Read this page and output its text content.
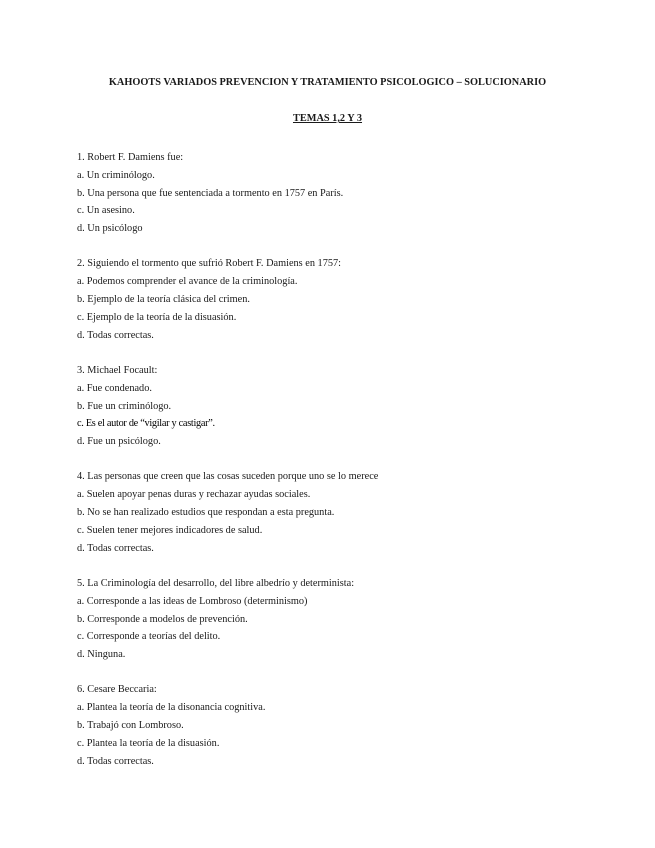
KAHOOTS VARIADOS PREVENCION Y TRATAMIENTO PSICOLOGICO – SOLUCIONARIO
TEMAS 1,2 Y 3
1. Robert F. Damiens fue:
a. Un criminólogo.
b. Una persona que fue sentenciada a tormento en 1757 en París.
c. Un asesino.
d. Un psicólogo
2. Siguiendo el tormento que sufrió Robert F. Damiens en 1757:
a. Podemos comprender el avance de la criminología.
b. Ejemplo de la teoría clásica del crimen.
c. Ejemplo de la teoría de la disuasión.
d. Todas correctas.
3. Michael Focault:
a. Fue condenado.
b. Fue un criminólogo.
c. Es el autor de “vigilar y castigar”.
d. Fue un psicólogo.
4. Las personas que creen que las cosas suceden porque uno se lo merece
a. Suelen apoyar penas duras y rechazar ayudas sociales.
b. No se han realizado estudios que respondan a esta pregunta.
c. Suelen tener mejores indicadores de salud.
d. Todas correctas.
5. La Criminología del desarrollo, del libre albedrío y determinista:
a. Corresponde a las ideas de Lombroso (determinismo)
b. Corresponde a modelos de prevención.
c. Corresponde a teorías del delito.
d. Ninguna.
6. Cesare Beccaria:
a. Plantea la teoría de la disonancia cognitiva.
b. Trabajó con Lombroso.
c. Plantea la teoría de la disuasión.
d. Todas correctas.
